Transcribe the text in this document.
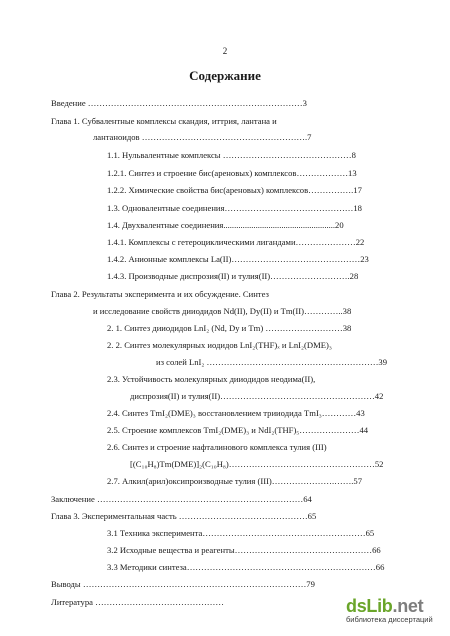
2
Содержание
Введение …………………………………………………………………3
Глава 1. Субвалентные комплексы скандия, иттрия, лантана и
лантаноидов ………………………………………………….7
1.1. Нульвалентные комплексы ………………………………………8
1.2.1. Синтез и строение бис(ареновых) комплексов………………13
1.2.2. Химические свойства бис(ареновых) комплексов…………….17
1.3. Одновалентные соединения………………………………………18
1.4. Двухвалентные соединения....................................................20
1.4.1. Комплексы с гетероциклическими лигандами…………………22
1.4.2. Анионные комплексы La(II)………………………………………23
1.4.3. Производные диспрозия(II) и тулия(II)……………………….28
Глава 2. Результаты эксперимента и их обсуждение. Синтез
и исследование свойств дииодидов Nd(II), Dy(II) и Tm(II)…………..38
2. 1. Синтез дииодидов LnI₂ (Nd, Dy и Tm) ………………………38
2. 2. Синтез молекулярных иодидов LnI₂(THF)ₓ и LnI₂(DME)₃
из солей LnI₂ ……………………………………………………39
2.3. Устойчивость молекулярных дииодидов неодима(II),
диспрозия(II) и тулия(II)………………………………………………42
2.4. Синтез TmI₂(DME)₃ восстановлением трииодида TmI₃…………43
2.5. Строение комплексов TmI₂(DME)₃ и NdI₂(THF)₅…………………44
2.6. Синтез и строение нафталинового комплекса тулия (III)
[(C₁₀H₈)Tm(DME)]₂(C₁₀H₈)……………………………………………52
2.7. Алкил(арил)оксипроизводные тулия (III)………………….…….57
Заключение ………………………………………………………………64
Глава 3. Экспериментальная часть ………………………………………65
3.1 Техника эксперимента…………………………………………………65
3.2 Исходные вещества и реагенты…………………………………………66
3.3 Методики синтеза…………………………………………………………66
Выводы ……………………………………………………………………79
Литература ………………………………………	dsLib.net
библиотека диссертаций
